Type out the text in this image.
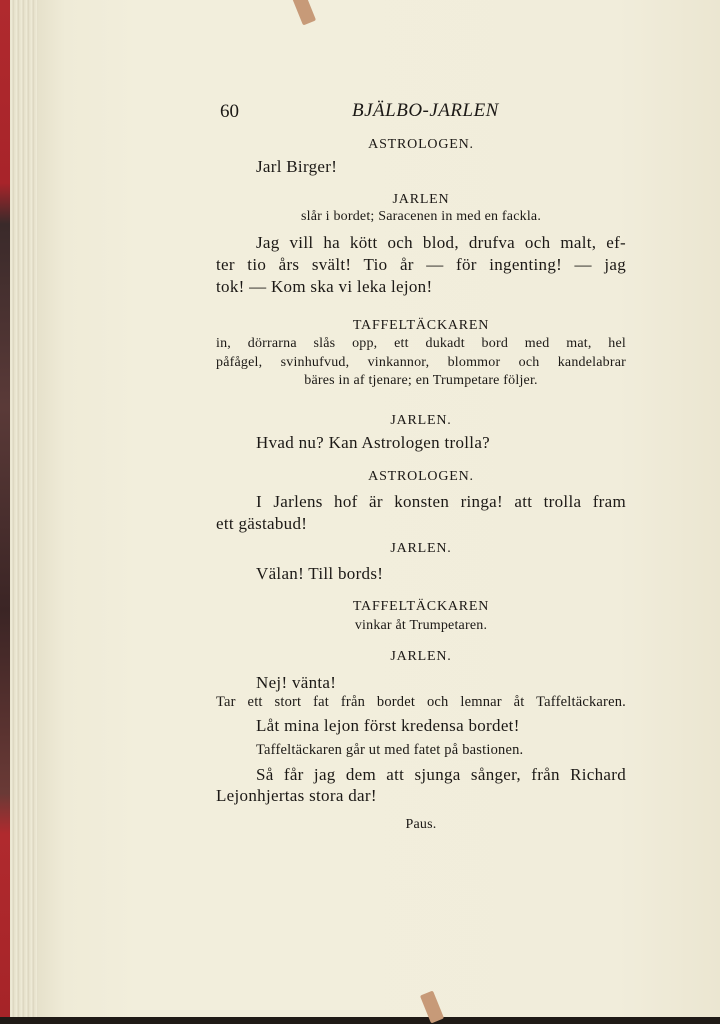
60	BJÄLBO-JARLEN
ASTROLOGEN.
Jarl Birger!
JARLEN
slår i bordet; Saracenen in med en fackla.
Jag vill ha kött och blod, drufva och malt, ef-
ter tio års svält! Tio år — för ingenting! — jag
tok! — Kom ska vi leka lejon!
TAFFELTÄCKAREN
in, dörrarna slås opp, ett dukadt bord med mat, hel
påfågel, svinhufvud, vinkannor, blommor och kandelabrar
bäres in af tjenare; en Trumpetare följer.
JARLEN.
Hvad nu? Kan Astrologen trolla?
ASTROLOGEN.
I Jarlens hof är konsten ringa! att trolla fram
ett gästabud!
JARLEN.
Välan! Till bords!
TAFFELTÄCKAREN
vinkar åt Trumpetaren.
JARLEN.
Nej! vänta!
Tar ett stort fat från bordet och lemnar åt Taffeltäckaren.
Låt mina lejon först kredensa bordet!
Taffeltäckaren går ut med fatet på bastionen.
Så får jag dem att sjunga sånger, från Richard
Lejonhjertas stora dar!
Paus.
